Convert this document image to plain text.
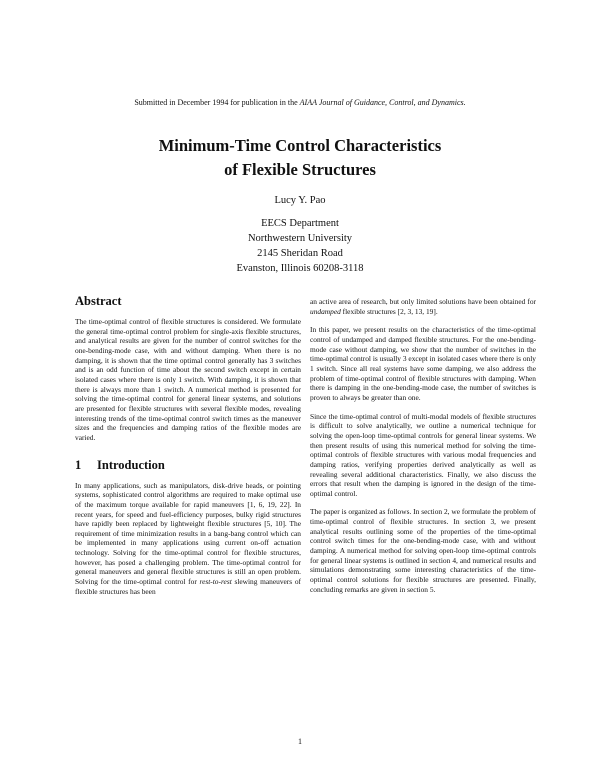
Submitted in December 1994 for publication in the AIAA Journal of Guidance, Control, and Dynamics.
Minimum-Time Control Characteristics
of Flexible Structures
Lucy Y. Pao
EECS Department
Northwestern University
2145 Sheridan Road
Evanston, Illinois 60208-3118
Abstract

The time-optimal control of flexible structures is considered. We formulate the general time-optimal control problem for single-axis flexible structures, and analytical results are given for the number of control switches for the one-bending-mode case, with and without damping. When there is no damping, it is shown that the time optimal control generally has 3 switches and is an odd function of time about the second switch except in certain isolated cases where there is only 1 switch. With damping, it is shown that there is always more than 1 switch. A numerical method is presented for solving the time-optimal control for general linear systems, and solutions are presented for flexible structures with several flexible modes, revealing interesting trends of the time-optimal control switch times as the maneuver sizes and the frequencies and damping ratios of the flexible modes are varied.

1 Introduction

In many applications, such as manipulators, disk-drive heads, or pointing systems, sophisticated control algorithms are required to make optimal use of the maximum torque available for rapid maneuvers [1, 6, 19, 22]. In recent years, for speed and fuel-efficiency purposes, bulky rigid structures have rapidly been replaced by lightweight flexible structures [5, 10]. The requirement of time minimization results in a bang-bang control which can be implemented in many applications using current on-off actuation technology. Solving for the time-optimal control for flexible structures, however, has posed a challenging problem. The time-optimal control for general maneuvers and general flexible structures is still an open problem. Solving for the time-optimal control for rest-to-rest slewing maneuvers of flexible structures has been

an active area of research, but only limited solutions have been obtained for undamped flexible structures [2, 3, 13, 19].

In this paper, we present results on the characteristics of the time-optimal control of undamped and damped flexible structures. For the one-bending-mode case without damping, we show that the number of switches in the time-optimal control is usually 3 except in isolated cases where there is only 1 switch. Since all real systems have some damping, we also address the problem of time-optimal control of flexible structures with damping. When there is damping in the one-bending-mode case, the number of switches is proven to always be greater than one.

Since the time-optimal control of multi-modal models of flexible structures is difficult to solve analytically, we outline a numerical technique for solving the open-loop time-optimal controls for general linear systems. We then present results of using this numerical method for solving the time-optimal controls of flexible structures with various modal frequencies and damping ratios, verifying properties derived analytically as well as revealing several additional characteristics. Finally, we also discuss the errors that result when the damping is ignored in the design of the time-optimal control.

The paper is organized as follows. In section 2, we formulate the problem of time-optimal control of flexible structures. In section 3, we present analytical results outlining some of the properties of the time-optimal control switch times for the one-bending-mode case, with and without damping. A numerical method for solving open-loop time-optimal controls for general linear systems is outlined in section 4, and numerical results and simulations demonstrating some interesting characteristics of the time-optimal control solutions for flexible structures are presented. Finally, concluding remarks are given in section 5.

1
